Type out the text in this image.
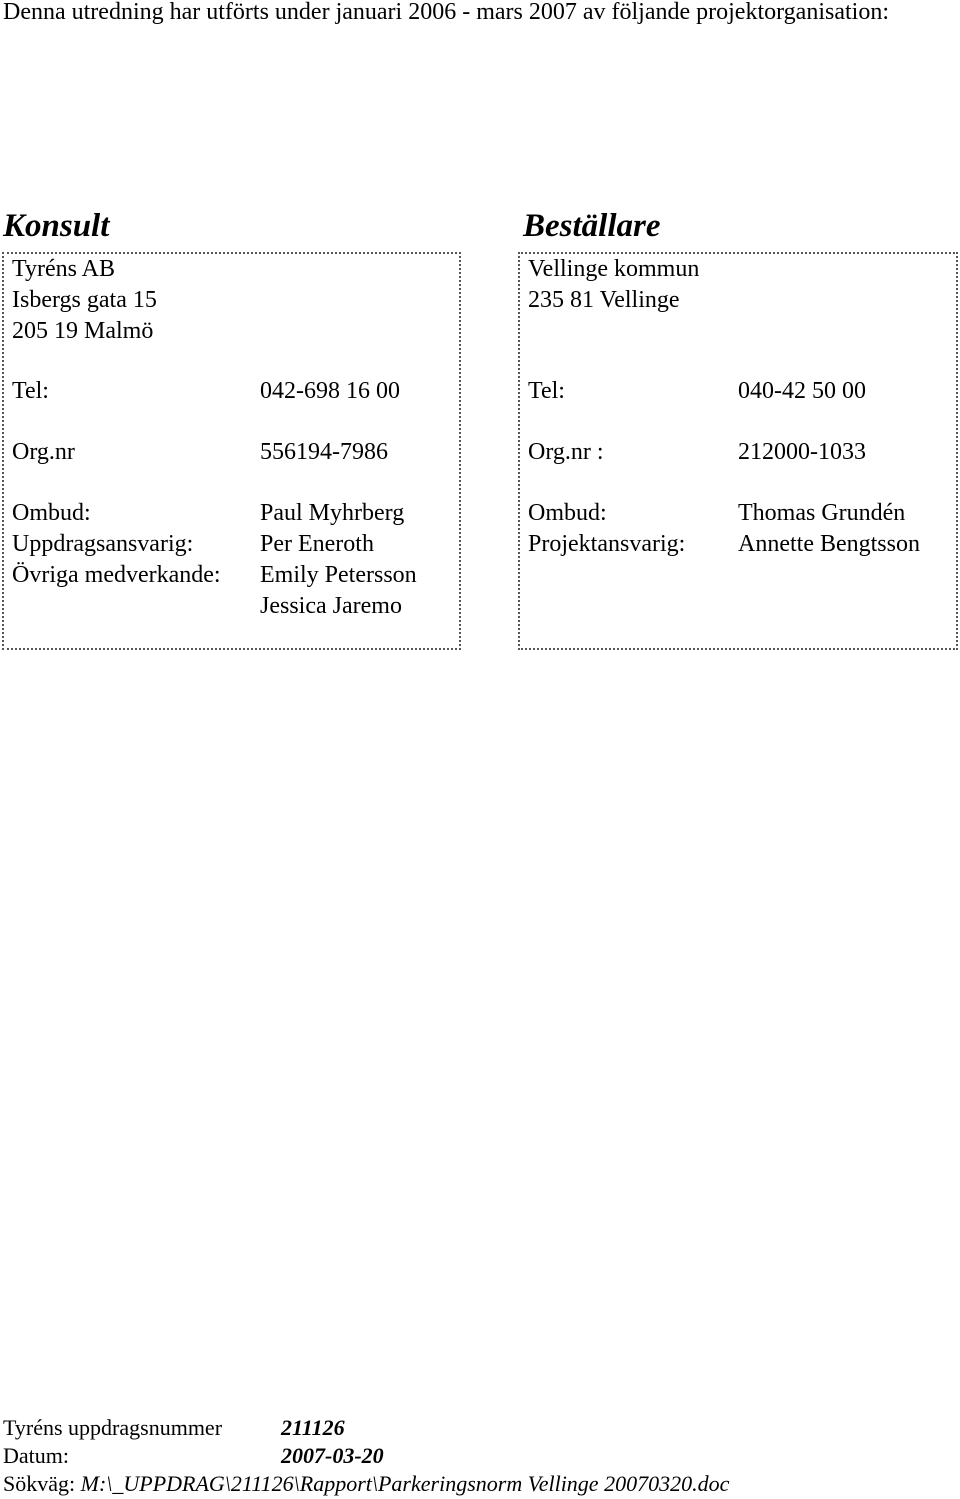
Denna utredning har utförts under januari 2006 - mars 2007 av följande projektorganisation:

Konsult
Tyréns AB
Isbergs gata 15
205 19 Malmö
Tel:	042-698 16 00
Org.nr	556194-7986
Ombud:	Paul Myhrberg
Uppdragsansvarig:	Per Eneroth
Övriga medverkande: Emily Petersson
Jessica Jaremo
Beställare
Vellinge kommun
235 81 Vellinge
Tel:	040-42 50 00
Org.nr :	212000-1033
Ombud:	Thomas Grundén
Projektansvarig: Annette Bengtsson
Tyréns uppdragsnummer	211126
Datum:	2007-03-20
Sökväg: M:\_UPPDRAG\211126\Rapport\Parkeringsnorm Vellinge 20070320.doc
